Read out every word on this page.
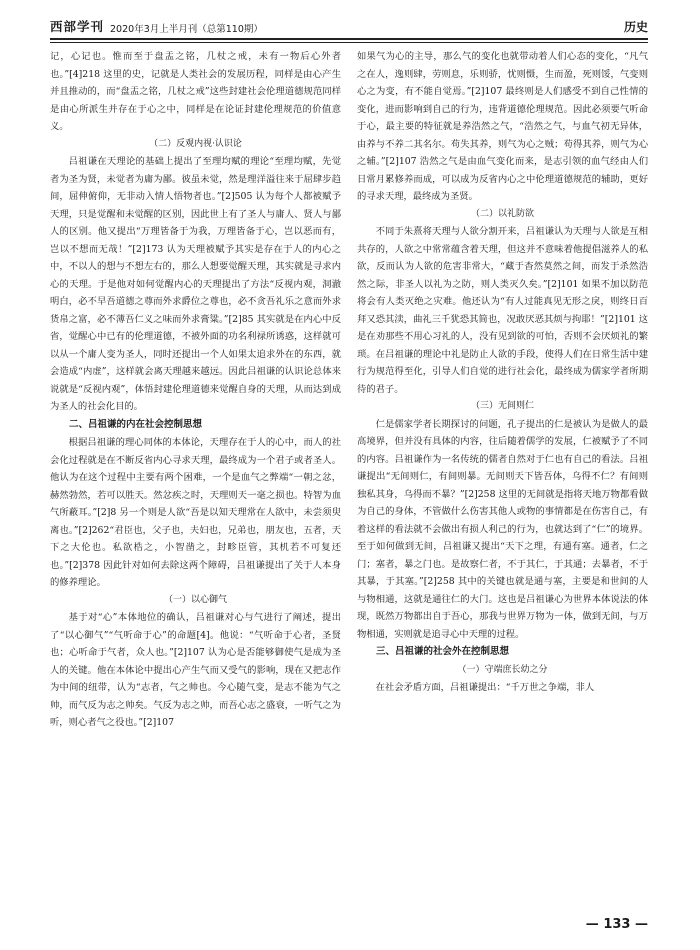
西部学刊 2020年3月上半月刊（总第110期）	历史

记，心记也。惟而至于盘盂之铭，几杖之戒，未有一物后心外者也。”[4]218 这里的史，记就是人类社会的发展历程，同样是由心产生并且推动的，而“盘盂之铭，几杖之戒”这些封建社会伦理道德规范同样是由心所派生并存在于心之中，同样是在论证封建伦理规范的价值意义。

（二）反观内视·认识论

吕祖谦在天理论的基础上提出了至理均赋的理论“至理均赋，先觉者为圣为贤，未觉者为庸为鄙。彼虽未觉，然是理洋溢往来于屈肆步趋间，屈伸俯仰，无非动入情人悟物者也。”[2]505 认为每个人都被赋予天理，只是觉醒和未觉醒的区别，因此世上有了圣人与庸人、贤人与鄙人的区别。他又提出“万理皆备于为我，万理皆备于心，岂以恶而有，岂以不想而无哉！”[2]173 认为天理被赋予其实是存在于人的内心之中，不以人的想与不想左右的，那么人想要觉醒天理，其实就是寻求内心的天理。于是他对如何觉醒内心的天理提出了方法“反视内观，洞澈明白，必不早吾道德之尊而外求爵位之尊也，必不贪吾礼乐之意而外求货帛之富，必不薄吾仁义之味而外求膏粱。”[2]85 其实就是在内心中反省，觉醒心中已有的伦理道德，不被外面的功名利禄所诱惑，这样就可以从一个庸人变为圣人，同时还提出一个人如果太追求外在的东西，就会造成“内虚”，这样就会离天理越来越远。因此吕祖谦的认识论总体来说就是“反视内观”，体悟封建伦理道德来觉醒自身的天理，从而达到成为圣人的社会化目的。

二、吕祖谦的内在社会控制思想

根据吕祖谦的理心同体的本体论，天理存在于人的心中，而人的社会化过程就是在不断反省内心寻求天理，最终成为一个君子或者圣人。他认为在这个过程中主要有两个困难，一个是血气之弊端“一朝之忿，赫然勃然，若可以胜天。然忿疾之时，天理则天一毫之损也。特智为血气所蔽耳。”[2]8 另一个则是人欲“吾是以知天理常在人欲中，未尝须臾离也。”[2]262“君臣也，父子也，夫妇也，兄弟也，朋友也，五者，天下之大伦也。私欲梏之，小智凿之，封畛臣管，其机若不可复还也。”[2]378 因此针对如何去除这两个障碍，吕祖谦提出了关于人本身的修养理论。

（一）以心御气

基于对“心”本体地位的确认，吕祖谦对心与气进行了阐述，提出了“以心御气”“气听命于心”的命题[4]。他说：“气听命于心者，圣贤也；心听命于气者，众人也。”[2]107 认为心是否能够御使气是成为圣人的关键。他在本体论中提出心产生气而又受气的影响，现在又把志作为中间的纽带，认为“志者，气之帅也。今心随气变，是志不能为气之帅，而气反为志之帅矣。气反为志之帅，而吾心志之盛衰，一听气之为听，则心者气之役也。”[2]107

如果气为心的主导，那么气的变化也就带动着人们心态的变化，“凡气之在人，逸则肆，劳则息，乐则骄，忧则慑，生而盈，死则馁，气变则心之为变，有不能自觉焉。”[2]107 最终则是人们感受不到自己性情的变化，进而影响到自己的行为，违背道德伦理规范。因此必须要气听命于心，最主要的特征就是养浩然之气，“浩然之气，与血气初无异体，由养与不养二其名尔。苟失其养，则气为心之贼；苟得其养，则气为心之辅。”[2]107 浩然之气是由血气变化而来，是志引领的血气经由人们日常月累修养而成，可以成为反省内心之中伦理道德规范的辅助，更好的寻求天理，最终成为圣贤。

（二）以礼防欲

不同于朱熹将天理与人欲分割开来，吕祖谦认为天理与人欲是互相共存的，人欲之中常常蕴含着天理，但这并不意味着他提倡滋养人的私欲，反而认为人欲的危害非常大，“藏于杳然莫然之间，而发于杀然浩然之际，非圣人以礼为之防，则人类灭久矣。”[2]101 如果不加以防范将会有人类灭绝之灾难。他还认为“有人过能真见无形之戾，则终日百拜又恐其渎，曲礼三千犹恐其简也，况敢厌恶其烦与拘耶！”[2]101 这是在劝那些不用心习礼的人，没有见到欲的可怕，否则不会厌烦礼的繁琐。在吕祖谦的理论中礼是防止人欲的手段，使得人们在日常生活中建行为规范得至化，引导人们自觉的进行社会化，最终成为儒家学者所期待的君子。

（三）无间则仁

仁是儒家学者长期探讨的问题，孔子提出的仁是被认为是做人的最高境界，但并没有具体的内容，往后随着儒学的发展，仁被赋予了不同的内容。吕祖谦作为一名传统的儒者自然对于仁也有自己的看法。吕祖谦提出“无间则仁，有间则暴。无间则天下皆吾体，乌得不仁？有间则独私其身，乌得而不暴？”[2]258 这里的无间就是指将天地万物都看做为自己的身体，不管做什么伤害其他人或物的事情都是在伤害自己，有着这样的看法就不会做出有损人利己的行为，也就达到了“仁”的境界。至于如何做到无间，吕祖谦又提出“天下之理，有通有塞。通者，仁之门；塞者，暴之门也。是故察仁者，不于其仁，于其通；去暴者，不于其暴，于其塞。”[2]258 其中的关键也就是通与塞，主要是和世间的人与物相通，这就是通往仁的大门。这也是吕祖谦心为世界本体说法的体现，既然万物都出自于吾心，那我与世界万物为一体，做到无间，与万物相通，实则就是追寻心中天理的过程。

三、吕祖谦的社会外在控制思想
（一）守端庶长幼之分

在社会矛盾方面，吕祖谦提出：“千万世之争端，非人

— 133 —
